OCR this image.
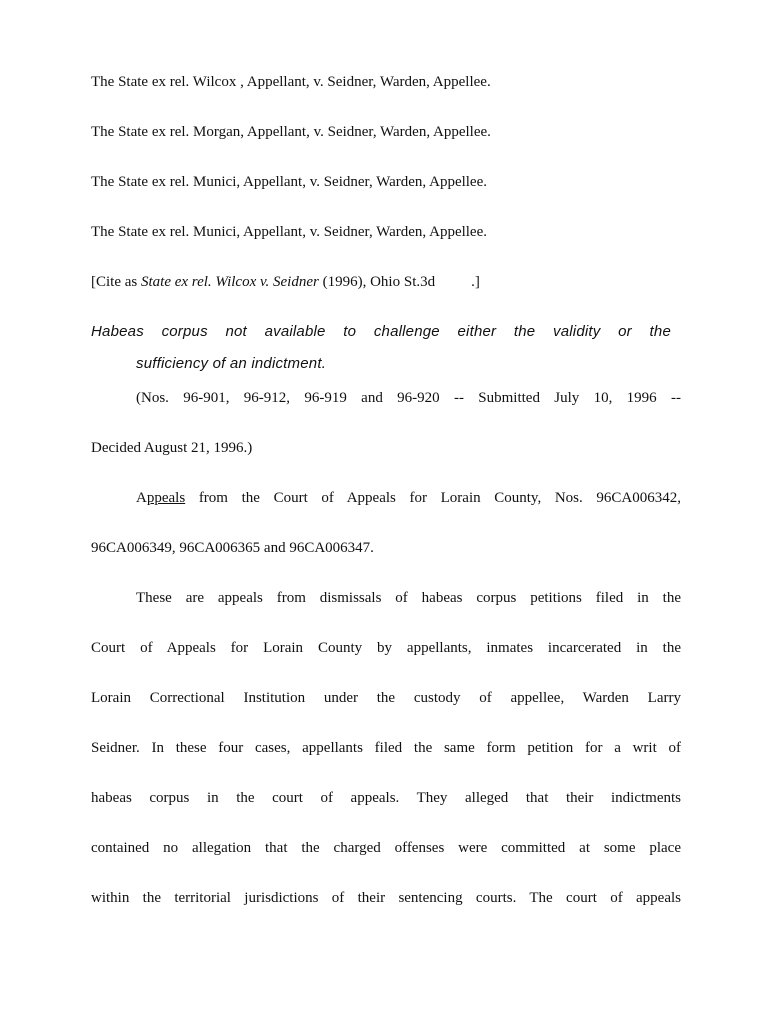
The State ex rel. Wilcox , Appellant, v. Seidner, Warden, Appellee.
The State ex rel. Morgan, Appellant, v. Seidner, Warden, Appellee.
The State ex rel. Munici, Appellant, v. Seidner, Warden, Appellee.
The State ex rel. Munici, Appellant, v. Seidner, Warden, Appellee.
[Cite as State ex rel. Wilcox v. Seidner (1996), Ohio St.3d .]
Habeas corpus not available to challenge either the validity or the
sufficiency of an indictment.
(Nos. 96-901, 96-912, 96-919 and 96-920 -- Submitted July 10, 1996 --
Decided August 21, 1996.)
Appeals from the Court of Appeals for Lorain County, Nos. 96CA006342,
96CA006349, 96CA006365 and 96CA006347.
These are appeals from dismissals of habeas corpus petitions filed in the
Court of Appeals for Lorain County by appellants, inmates incarcerated in the
Lorain Correctional Institution under the custody of appellee, Warden Larry
Seidner. In these four cases, appellants filed the same form petition for a writ of
habeas corpus in the court of appeals. They alleged that their indictments
contained no allegation that the charged offenses were committed at some place
within the territorial jurisdictions of their sentencing courts. The court of appeals
